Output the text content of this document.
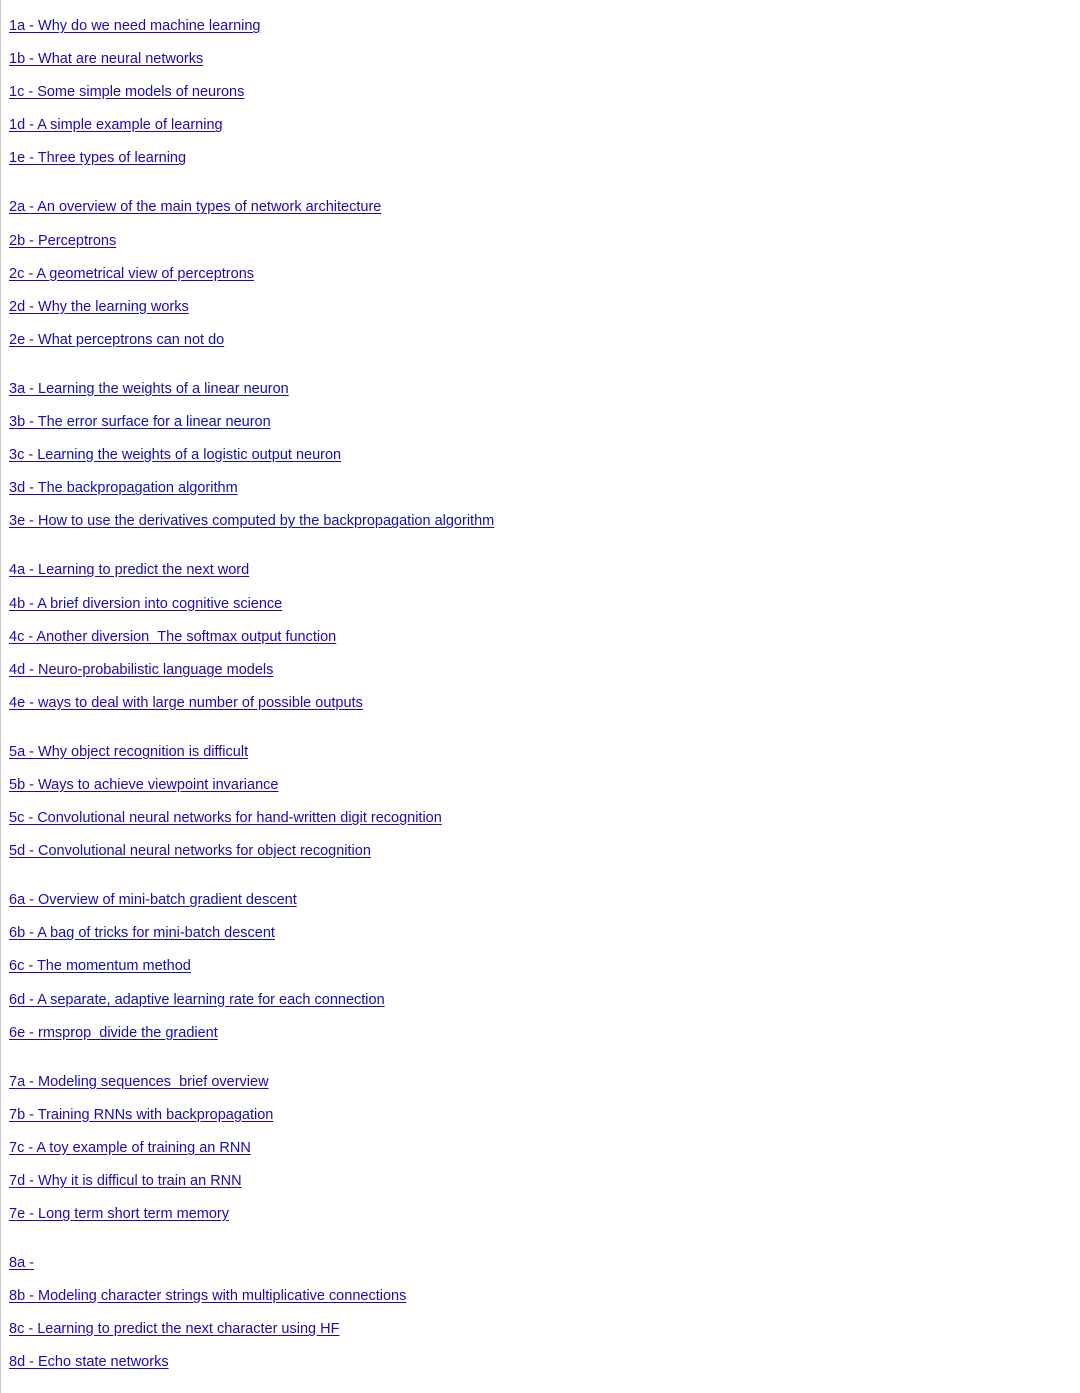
1a - Why do we need machine learning
1b - What are neural networks
1c - Some simple models of neurons
1d - A simple example of learning
1e - Three types of learning
2a - An overview of the main types of network architecture
2b - Perceptrons
2c - A geometrical view of perceptrons
2d - Why the learning works
2e - What perceptrons can not do
3a - Learning the weights of a linear neuron
3b - The error surface for a linear neuron
3c - Learning the weights of a logistic output neuron
3d - The backpropagation algorithm
3e - How to use the derivatives computed by the backpropagation algorithm
4a - Learning to predict the next word
4b - A brief diversion into cognitive science
4c - Another diversion_The softmax output function
4d - Neuro-probabilistic language models
4e - ways to deal with large number of possible outputs
5a - Why object recognition is difficult
5b - Ways to achieve viewpoint invariance
5c - Convolutional neural networks for hand-written digit recognition
5d - Convolutional neural networks for object recognition
6a - Overview of mini-batch gradient descent
6b - A bag of tricks for mini-batch descent
6c - The momentum method
6d - A separate, adaptive learning rate for each connection
6e - rmsprop_divide the gradient
7a - Modeling sequences_brief overview
7b - Training RNNs with backpropagation
7c - A toy example of training an RNN
7d - Why it is difficul to train an RNN
7e - Long term short term memory
8a -
8b - Modeling character strings with multiplicative connections
8c - Learning to predict the next character using HF
8d - Echo state networks
